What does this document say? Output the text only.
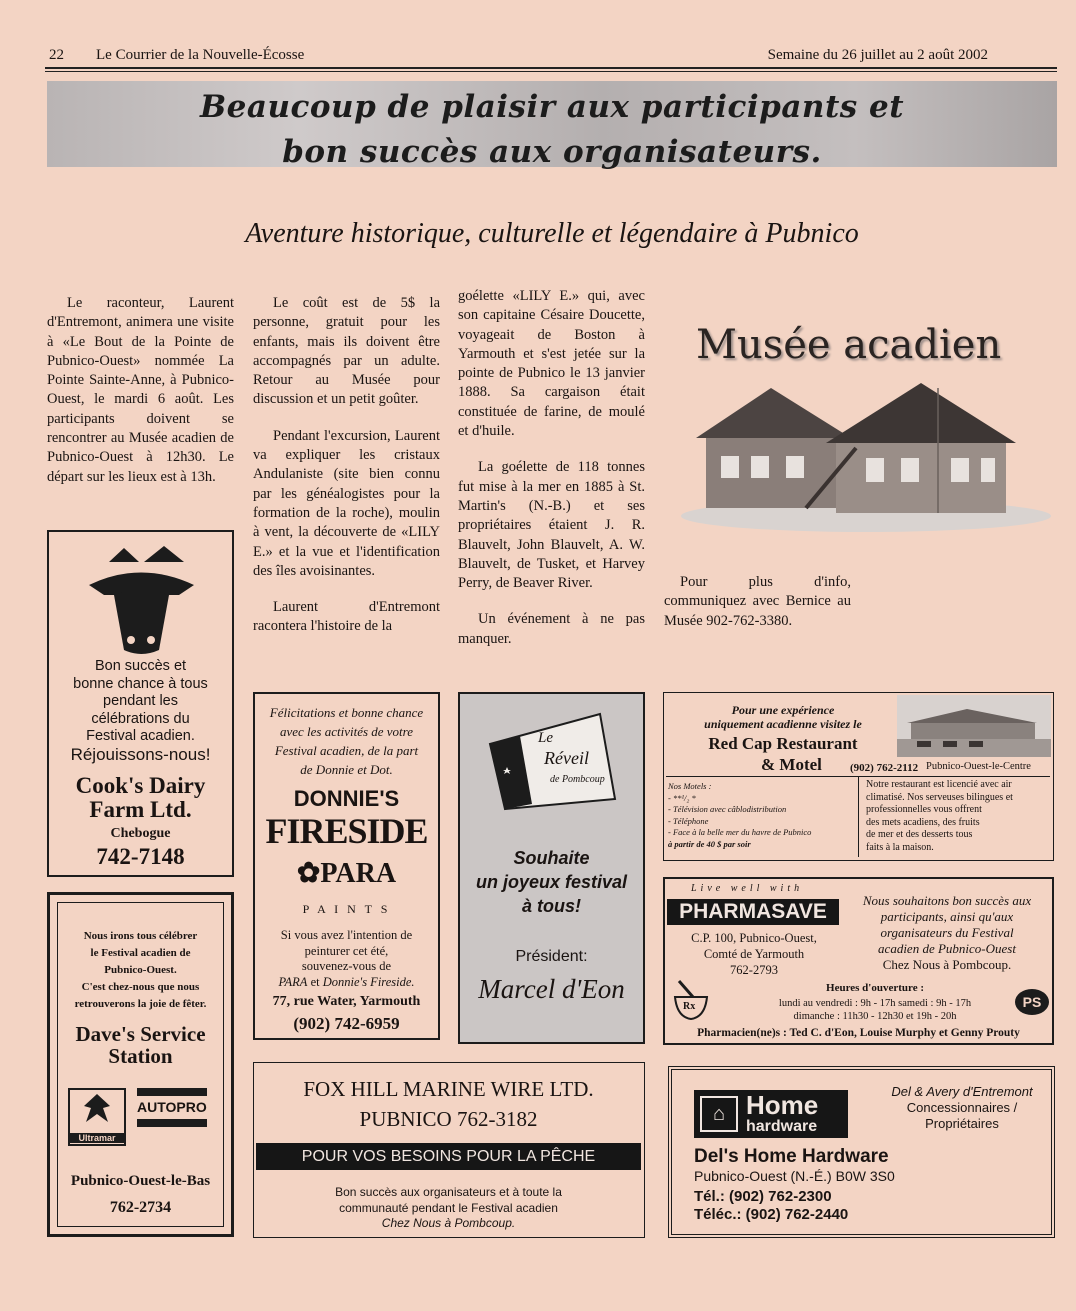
22 Le Courrier de la Nouvelle-Écosse	Semaine du 26 juillet au 2 août 2002
Beaucoup de plaisir aux participants et
bon succès aux organisateurs.
Aventure historique, culturelle et légendaire à Pubnico

Le raconteur, Laurent d'Entremont, animera une visite à «Le Bout de la Pointe de Pubnico-Ouest» nommée La Pointe Sainte-Anne, à Pubnico-Ouest, le mardi 6 août. Les participants doivent se rencontrer au Musée acadien de Pubnico-Ouest à 12h30. Le départ sur les lieux est à 13h.

Le coût est de 5$ la personne, gratuit pour les enfants, mais ils doivent être accompagnés par un adulte. Retour au Musée pour discussion et un petit goûter.

Pendant l'excursion, Laurent va expliquer les cristaux Andulaniste (site bien connu par les généalogistes pour la formation de la roche), moulin à vent, la découverte de «LILY E.» et la vue et l'identification des îles avoisinantes.

Laurent d'Entremont racontera l'histoire de la

goélette «LILY E.» qui, avec son capitaine Césaire Doucette, voyageait de Boston à Yarmouth et s'est jetée sur la pointe de Pubnico le 13 janvier 1888. Sa cargaison était constituée de farine, de moulé et d'huile.

La goélette de 118 tonnes fut mise à la mer en 1885 à St. Martin's (N.-B.) et ses propriétaires étaient J. R. Blauvelt, John Blauvelt, A. W. Blauvelt, de Tusket, et Harvey Perry, de Beaver River.

Un événement à ne pas manquer.

Musée acadien
Pour plus d'info, communiquez avec Bernice au Musée 902-762-3380.
Bon succès et
bonne chance à tous
pendant les
célébrations du
Festival acadien.
Réjouissons-nous!
Cook's Dairy
Farm Ltd.
Chebogue
742-7148
Nous irons tous célébrer
le Festival acadien de
Pubnico-Ouest.
C'est chez-nous que nous
retrouverons la joie de fêter.
Dave's Service
Station
Ultramar
AUTOPRO
Pubnico-Ouest-le-Bas
762-2734
Félicitations et bonne chance
avec les activités de votre
Festival acadien, de la part
de Donnie et Dot.
DONNIE'S
FIRESIDE
✿PARA
P A I N T S
Si vous avez l'intention de
peinturer cet été,
souvenez-vous de
PARA et Donnie's Fireside.
77, rue Water, Yarmouth
(902) 742-6959
Le
Réveil
de Pombcoup
Souhaite
un joyeux festival
à tous!
Président:
Marcel d'Eon
Pour une expérience
uniquement acadienne visitez le
Red Cap Restaurant
& Motel	(902) 762-2112 Pubnico-Ouest-le-Centre
Nos Motels :
- **¹/₂ *
- Télévision avec câblodistribution
- Téléphone
- Face à la belle mer du havre de Pubnico
à partir de 40 $ par soir
Notre restaurant est licencié avec air
climatisé. Nos serveuses bilingues et
professionnelles vous offrent
des mets acadiens, des fruits
de mer et des desserts tous
faits à la maison.
Live well with
PHARMASAVE
C.P. 100, Pubnico-Ouest,
Comté de Yarmouth
762-2793
Nous souhaitons bon succès aux
participants, ainsi qu'aux
organisateurs du Festival
acadien de Pubnico-Ouest
Chez Nous à Pombcoup.
Rx
Heures d'ouverture :
lundi au vendredi : 9h - 17h samedi : 9h - 17h
dimanche : 11h30 - 12h30 et 19h - 20h
PS
Pharmacien(ne)s : Ted C. d'Eon, Louise Murphy et Genny Prouty
FOX HILL MARINE WIRE LTD.
PUBNICO 762-3182
POUR VOS BESOINS POUR LA PÊCHE
Bon succès aux organisateurs et à toute la
communauté pendant le Festival acadien
Chez Nous à Pombcoup.
Del & Avery d'Entremont
Concessionnaires /
Propriétaires
⌂ Home
hardware
Del's Home Hardware
Pubnico-Ouest (N.-É.) B0W 3S0
Tél.: (902) 762-2300
Téléc.: (902) 762-2440
